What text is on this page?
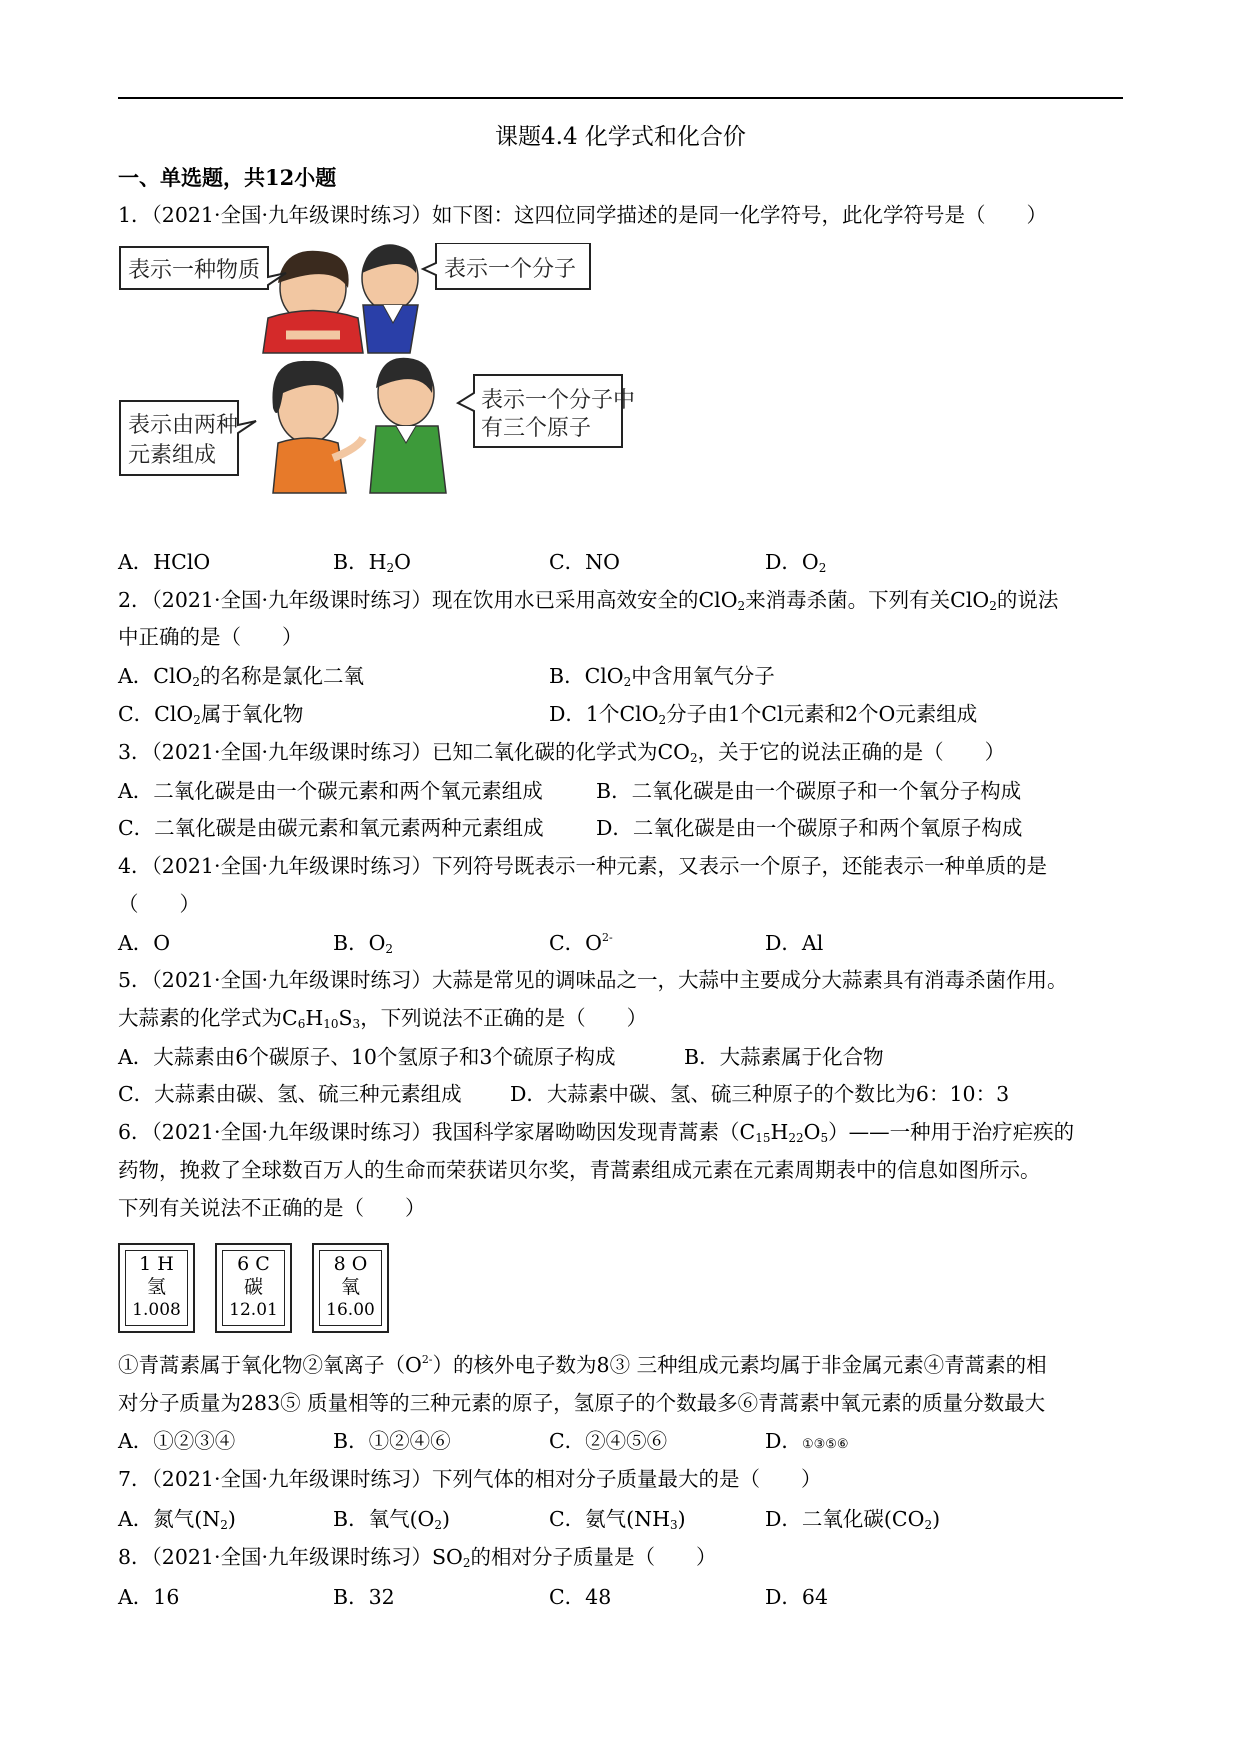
课题4.4 化学式和化合价
一、单选题，共12小题
1．（2021·全国·九年级课时练习）如下图：这四位同学描述的是同一化学符号，此化学符号是（　　）
表示一种物质	表示一个分子
表示由两种
元素组成
表示一个分子中
有三个原子
A．HClO	B．$H_2O$	C．NO	D．$O_2$
2．（2021·全国·九年级课时练习）现在饮用水已采用高效安全的ClO$_2$来消毒杀菌。下列有关ClO$_2$的说法
中正确的是（　　）
A．ClO$_2$的名称是氯化二氧	B．ClO$_2$中含用氧气分子
C．ClO$_2$属于氧化物	D．1个ClO$_2$分子由1个Cl元素和2个O元素组成
3．（2021·全国·九年级课时练习）已知二氧化碳的化学式为$CO_2$，关于它的说法正确的是（　　）
A．二氧化碳是由一个碳元素和两个氧元素组成	B．二氧化碳是由一个碳原子和一个氧分子构成
C．二氧化碳是由碳元素和氧元素两种元素组成	D．二氧化碳是由一个碳原子和两个氧原子构成
4．（2021·全国·九年级课时练习）下列符号既表示一种元素，又表示一个原子，还能表示一种单质的是
（　　）
A．O	B．$O_2$	C．$O^{2-}$	D．Al
5．（2021·全国·九年级课时练习）大蒜是常见的调味品之一，大蒜中主要成分大蒜素具有消毒杀菌作用。
大蒜素的化学式为$C_6H_{10}S_3$，下列说法不正确的是（　　）
A．大蒜素由6个碳原子、10个氢原子和3个硫原子构成	B．大蒜素属于化合物
C．大蒜素由碳、氢、硫三种元素组成 D．大蒜素中碳、氢、硫三种原子的个数比为6：10：3
6．（2021·全国·九年级课时练习）我国科学家屠呦呦因发现青蒿素$(C_{15}H_{22}O_5)——$一种用于治疗疟疾的
药物，挽救了全球数百万人的生命而荣获诺贝尔奖，青蒿素组成元素在元素周期表中的信息如图所示。
下列有关说法不正确的是（　　）
1 H
氢
1.008
6 C
碳
12.01
8 O
氧
16.00
①青蒿素属于氧化物②氧离子$(O^{2-})$的核外电子数为8③ 三种组成元素均属于非金属元素④青蒿素的相
对分子质量为283⑤ 质量相等的三种元素的原子，氢原子的个数最多⑥青蒿素中氧元素的质量分数最大
A．①②③④	B．①②④⑥	C．②④⑤⑥	D．①③⑤⑥
7．（2021·全国·九年级课时练习）下列气体的相对分子质量最大的是（　　）
A．氮气$(N_2)$	B．氧气$(O_2)$	C．氨气$(NH_3)$	D．二氧化碳$(CO_2)$
8．（2021·全国·九年级课时练习）$SO_2$的相对分子质量是（　　）
A．16	B．32	C．48	D．64
